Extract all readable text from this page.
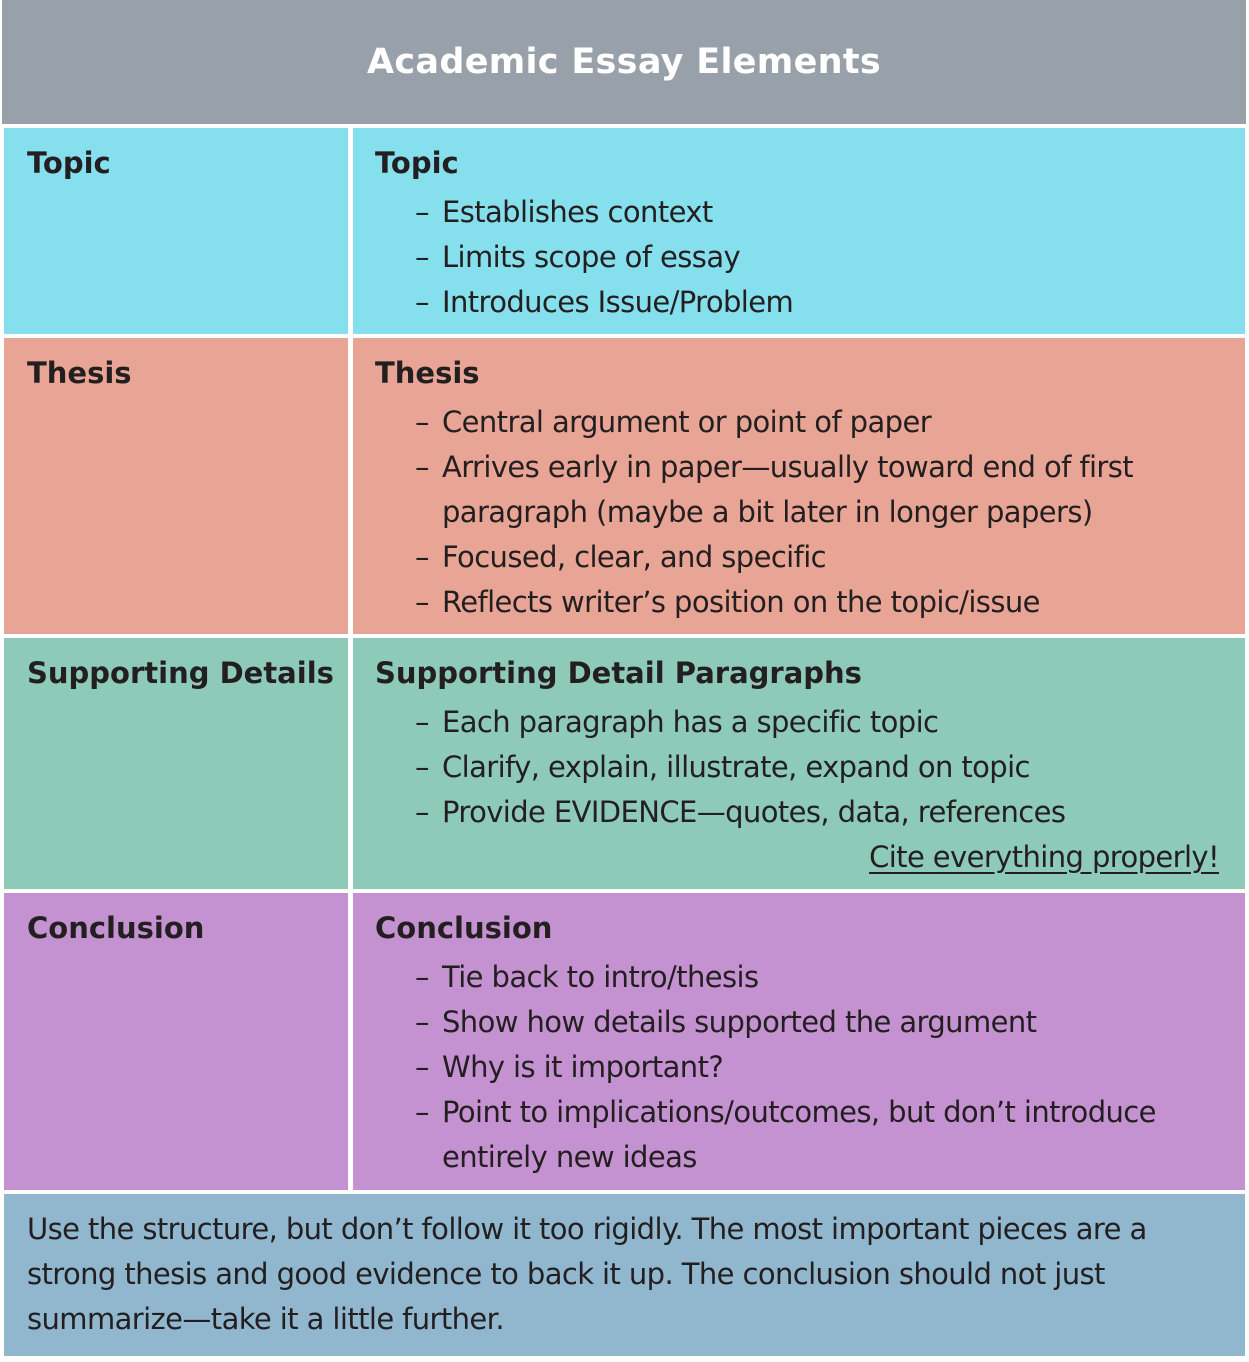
Academic Essay Elements
Topic	Topic
– Establishes context
– Limits scope of essay
– Introduces Issue/Problem
Thesis	Thesis
– Central argument or point of paper
– Arrives early in paper—usually toward end of first paragraph (maybe a bit later in longer papers)
– Focused, clear, and specific
– Reflects writer’s position on the topic/issue
Supporting Details	Supporting Detail Paragraphs
– Each paragraph has a specific topic
– Clarify, explain, illustrate, expand on topic
– Provide EVIDENCE—quotes, data, references
Cite everything properly!
Conclusion	Conclusion
– Tie back to intro/thesis
– Show how details supported the argument
– Why is it important?
– Point to implications/outcomes, but don’t introduce entirely new ideas

Use the structure, but don’t follow it too rigidly. The most important pieces are a strong thesis and good evidence to back it up. The conclusion should not just summarize—take it a little further.
